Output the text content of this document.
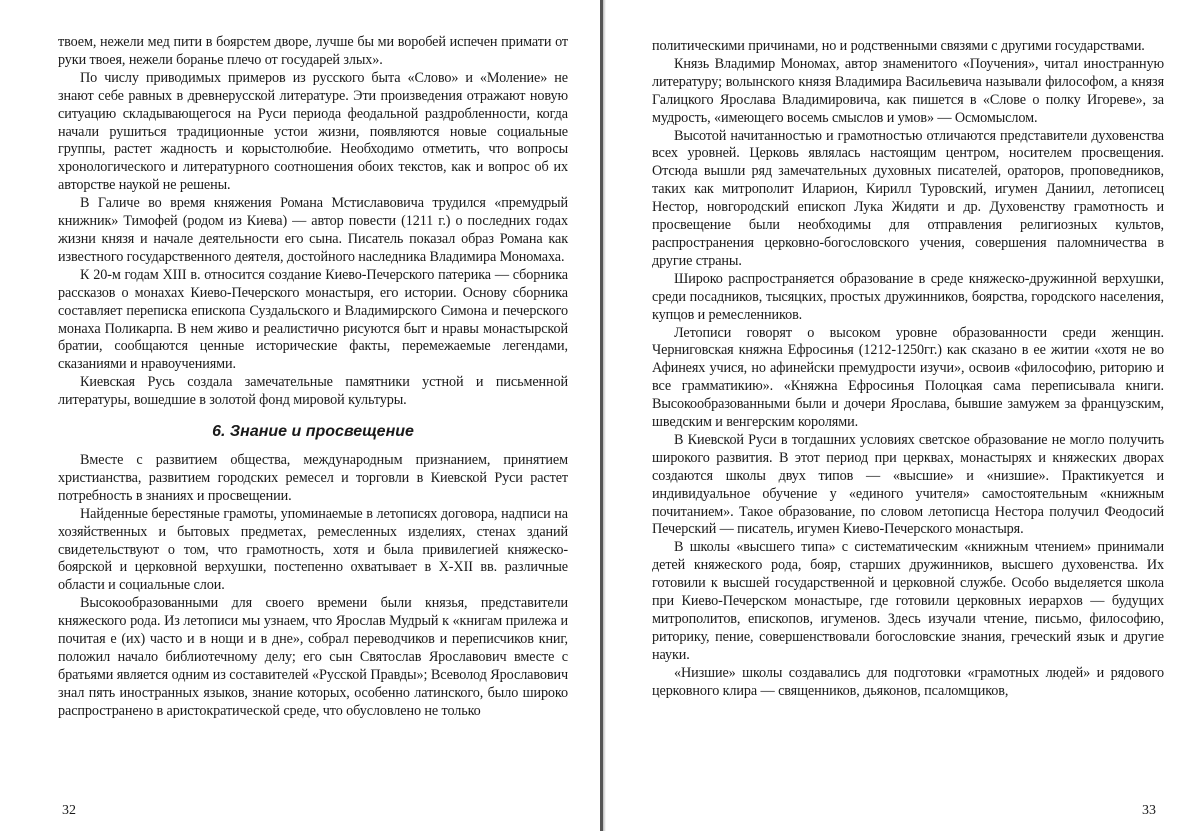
твоем, нежели мед пити в боярстем дворе, лучше бы ми воробей испечен примати от руки твоея, нежели боранье плечо от государей злых».

По числу приводимых примеров из русского быта «Слово» и «Моление» не знают себе равных в древнерусской литературе. Эти произведения отражают новую ситуацию складывающегося на Руси периода феодальной раздробленности, когда начали рушиться традиционные устои жизни, появляются новые социальные группы, растет жадность и корыстолюбие. Необходимо отметить, что вопросы хронологического и литературного соотношения обоих текстов, как и вопрос об их авторстве наукой не решены.

В Галиче во время княжения Романа Мстиславовича трудился «премудрый книжник» Тимофей (родом из Киева) — автор повести (1211 г.) о последних годах жизни князя и начале деятельности его сына. Писатель показал образ Романа как известного государственного деятеля, достойного наследника Владимира Мономаха.

К 20-м годам XIII в. относится создание Киево-Печерского патерика — сборника рассказов о монахах Киево-Печерского монастыря, его истории. Основу сборника составляет переписка епископа Суздальского и Владимирского Симона и печерского монаха Поликарпа. В нем живо и реалистично рисуются быт и нравы монастырской братии, сообщаются ценные исторические факты, перемежаемые легендами, сказаниями и нравоучениями.

Киевская Русь создала замечательные памятники устной и письменной литературы, вошедшие в золотой фонд мировой культуры.

6. Знание и просвещение

Вместе с развитием общества, международным признанием, принятием христианства, развитием городских ремесел и торговли в Киевской Руси растет потребность в знаниях и просвещении.

Найденные берестяные грамоты, упоминаемые в летописях договора, надписи на хозяйственных и бытовых предметах, ремесленных изделиях, стенах зданий свидетельствуют о том, что грамотность, хотя и была привилегией княжеско-боярской и церковной верхушки, постепенно охватывает в X-XII вв. различные области и социальные слои.

Высокообразованными для своего времени были князья, представители княжеского рода. Из летописи мы узнаем, что Ярослав Мудрый к «книгам прилежа и почитая е (их) часто и в нощи и в дне», собрал переводчиков и переписчиков книг, положил начало библиотечному делу; его сын Святослав Ярославович вместе с братьями является одним из составителей «Русской Правды»; Всеволод Ярославович знал пять иностранных языков, знание которых, особенно латинского, было широко распространено в аристократической среде, что обусловлено не только

32

политическими причинами, но и родственными связями с другими государствами.

Князь Владимир Мономах, автор знаменитого «Поучения», читал иностранную литературу; волынского князя Владимира Васильевича называли философом, а князя Галицкого Ярослава Владимировича, как пишется в «Слове о полку Игореве», за мудрость, «имеющего восемь смыслов и умов» — Осмомыслом.

Высотой начитанностью и грамотностью отличаются представители духовенства всех уровней. Церковь являлась настоящим центром, носителем просвещения. Отсюда вышли ряд замечательных духовных писателей, ораторов, проповедников, таких как митрополит Иларион, Кирилл Туровский, игумен Даниил, летописец Нестор, новгородский епископ Лука Жидяти и др. Духовенству грамотность и просвещение были необходимы для отправления религиозных культов, распространения церковно-богословского учения, совершения паломничества в другие страны.

Широко распространяется образование в среде княжеско-дружинной верхушки, среди посадников, тысяцких, простых дружинников, боярства, городского населения, купцов и ремесленников.

Летописи говорят о высоком уровне образованности среди женщин. Черниговская княжна Ефросинья (1212-1250гг.) как сказано в ее житии «хотя не во Афинеях учися, но афинейски премудрости изучи», освоив «философию, риторию и все грамматикию». «Княжна Ефросинья Полоцкая сама переписывала книги. Высокообразованными были и дочери Ярослава, бывшие замужем за французским, шведским и венгерским королями.

В Киевской Руси в тогдашних условиях светское образование не могло получить широкого развития. В этот период при церквах, монастырях и княжеских дворах создаются школы двух типов — «высшие» и «низшие». Практикуется и индивидуальное обучение у «единого учителя» самостоятельным «книжным почитанием». Такое образование, по словом летописца Нестора получил Феодосий Печерский — писатель, игумен Киево-Печерского монастыря.

В школы «высшего типа» с систематическим «книжным чтением» принимали детей княжеского рода, бояр, старших дружинников, высшего духовенства. Их готовили к высшей государственной и церковной службе. Особо выделяется школа при Киево-Печерском монастыре, где готовили церковных иерархов — будущих митрополитов, епископов, игуменов. Здесь изучали чтение, письмо, философию, риторику, пение, совершенствовали богословские знания, греческий язык и другие науки.

«Низшие» школы создавались для подготовки «грамотных людей» и рядового церковного клира — священников, дьяконов, псаломщиков,

33
